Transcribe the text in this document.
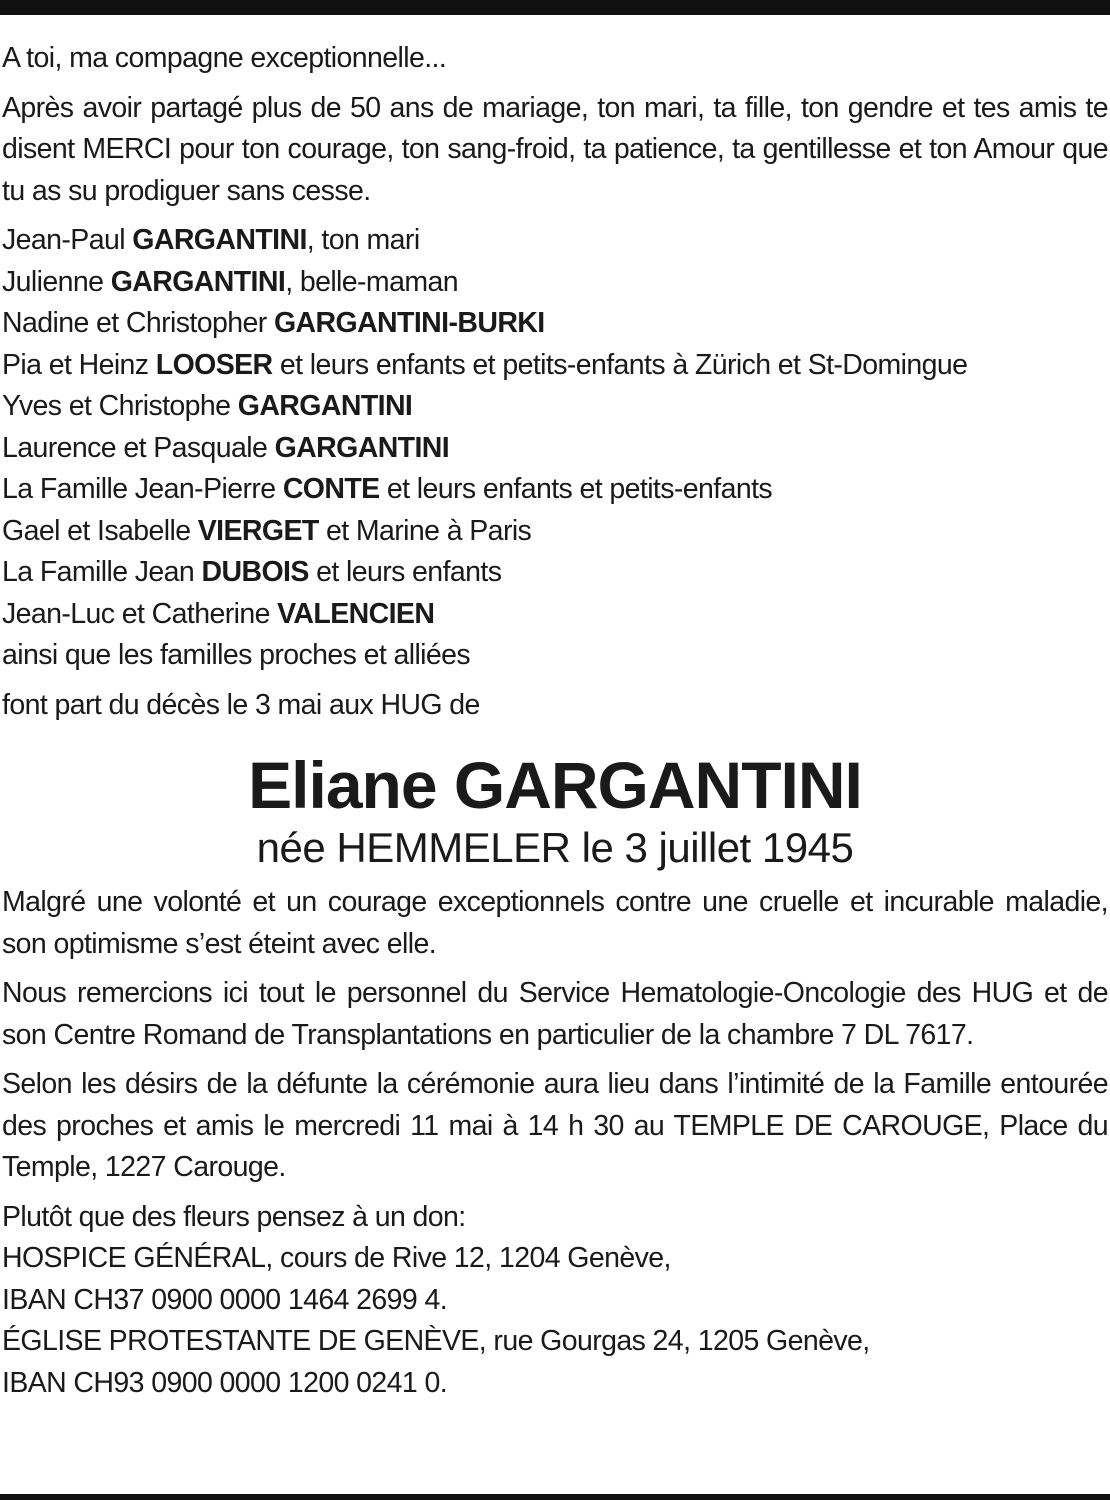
A toi, ma compagne exceptionnelle...

Après avoir partagé plus de 50 ans de mariage, ton mari, ta fille, ton gendre et tes amis te disent MERCI pour ton courage, ton sang-froid, ta patience, ta gentillesse et ton Amour que tu as su prodiguer sans cesse.

Jean-Paul GARGANTINI, ton mari
Julienne GARGANTINI, belle-maman
Nadine et Christopher GARGANTINI-BURKI
Pia et Heinz LOOSER et leurs enfants et petits-enfants à Zürich et St-Domingue
Yves et Christophe GARGANTINI
Laurence et Pasquale GARGANTINI
La Famille Jean-Pierre CONTE et leurs enfants et petits-enfants
Gael et Isabelle VIERGET et Marine à Paris
La Famille Jean DUBOIS et leurs enfants
Jean-Luc et Catherine VALENCIEN
ainsi que les familles proches et alliées

font part du décès le 3 mai aux HUG de

Eliane GARGANTINI

née HEMMELER le 3 juillet 1945

Malgré une volonté et un courage exceptionnels contre une cruelle et incurable maladie, son optimisme s’est éteint avec elle.

Nous remercions ici tout le personnel du Service Hematologie-Oncologie des HUG et de son Centre Romand de Transplantations en particulier de la chambre 7 DL 7617.

Selon les désirs de la défunte la cérémonie aura lieu dans l’intimité de la Famille entourée des proches et amis le mercredi 11 mai à 14 h 30 au TEMPLE DE CAROUGE, Place du Temple, 1227 Carouge.

Plutôt que des fleurs pensez à un don:
HOSPICE GÉNÉRAL, cours de Rive 12, 1204 Genève,
IBAN CH37 0900 0000 1464 2699 4.
ÉGLISE PROTESTANTE DE GENÈVE, rue Gourgas 24, 1205 Genève,
IBAN CH93 0900 0000 1200 0241 0.
